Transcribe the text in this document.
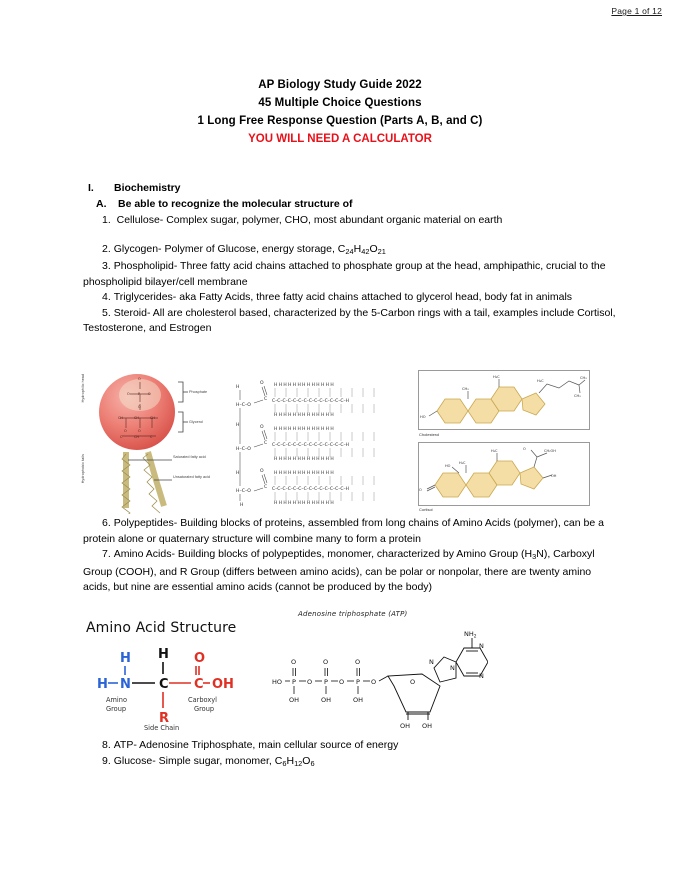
Page 1 of 12
AP Biology Study Guide 2022
45 Multiple Choice Questions
1 Long Free Response Question (Parts A, B, and C)
YOU WILL NEED A CALCULATOR
I. Biochemistry
A. Be able to recognize the molecular structure of
1. Cellulose- Complex sugar, polymer, CHO, most abundant organic material on earth
2. Glycogen- Polymer of Glucose, energy storage, $C_{24}H_{42}O_{21}$
3. Phospholipid- Three fatty acid chains attached to phosphate group at the head, amphipathic, crucial to the phospholipid bilayer/cell membrane
4. Triglycerides- aka Fatty Acids, three fatty acid chains attached to glycerol head, body fat in animals
5. Steroid- All are cholesterol based, characterized by the 5-Carbon rings with a tail, examples include Cortisol, Testosterone, and Estrogen
O
O P O
O
CH	CH	CH
O	O
C	CH	C
Hydrophilic head
Hydrophobic tails
Phosphate
Glycerol
Saturated fatty acid
Unsaturated fatty acid
H
H–C–O
H
H–C–O
H
H–C–O
H
O
C
O
C
O
C
H H H H H H H H H H H H H
C–C–C–C–C–C–C–C–C–C–C–C–C–C–H
H H H H H H H H H H H H H
H H H H H H H H H H H H H
C–C–C–C–C–C–C–C–C–C–C–C–C–C–H
H H H H H H H H H H H H H
H H H H H H H H H H H H H
C–C–C–C–C–C–C–C–C–C–C–C–C–C–H
H H H H H H H H H H H H H
H₃C
CH₃
H₃C
CH₃
CH₃
HO
Cholesterol
H₃C
H₃C
HO
O	CH₂OH
OH
O
Cortisol
6. Polypeptides- Building blocks of proteins, assembled from long chains of Amino Acids (polymer), can be a protein alone or quaternary structure will combine many to form a protein
7. Amino Acids- Building blocks of polypeptides, monomer, characterized by Amino Group $(H_3N)$, Carboxyl Group (COOH), and R Group (differs between amino acids), can be polar or nonpolar, there are twenty amino acids, but nine are essential amino acids (cannot be produced by the body)
Amino Acid Structure
H
H N
H
C
O
C OH
R
Amino
Group
Carboxyl
Group
Side Chain
Adenosine triphosphate (ATP)
HO P
O
OH
O P
O
OH
O P
O
OH
O	O
OH OH
N
N
N
N
$NH_2$
8. ATP- Adenosine Triphosphate, main cellular source of energy
9. Glucose- Simple sugar, monomer, $C_6H_{12}O_6$
